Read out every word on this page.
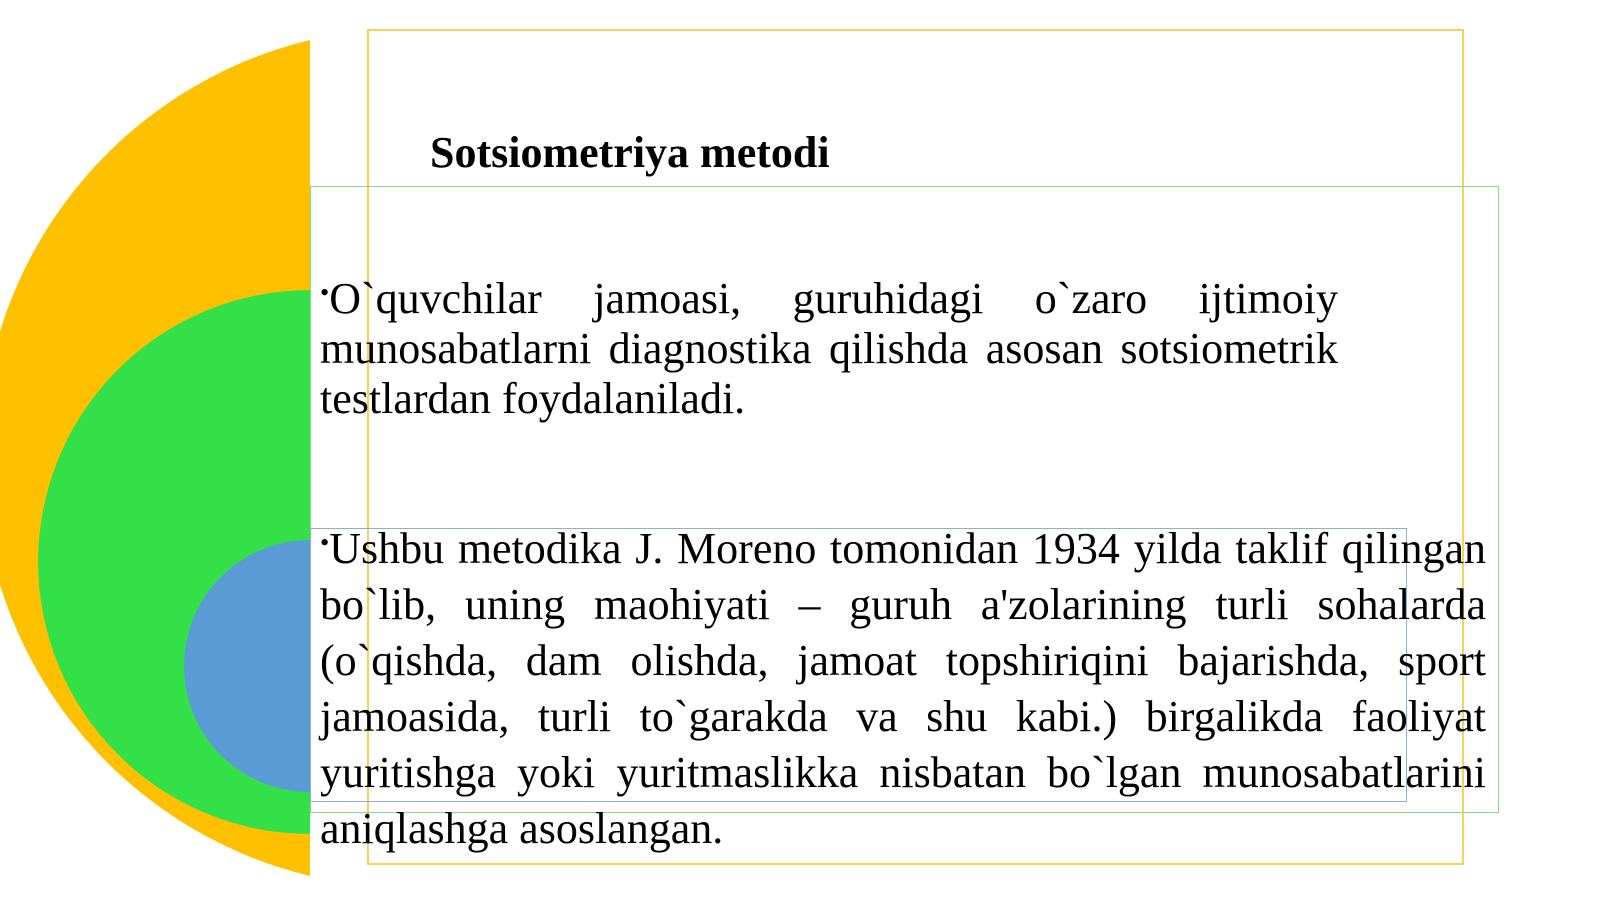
Sotsiometriya metodi
•O`quvchilar jamoasi, guruhidagi o`zaro ijtimoiy munosabatlarni diagnostika qilishda asosan sotsiometrik testlardan foydalaniladi.
•Ushbu metodika J. Moreno tomonidan 1934 yilda taklif qilingan bo`lib, uning maohiyati – guruh a'zolarining turli sohalarda (o`qishda, dam olishda, jamoat topshiriqini bajarishda, sport jamoasida, turli to`garakda va shu kabi.) birgalikda faoliyat yuritishga yoki yuritmaslikka nisbatan bo`lgan munosabatlarini aniqlashga asoslangan.
